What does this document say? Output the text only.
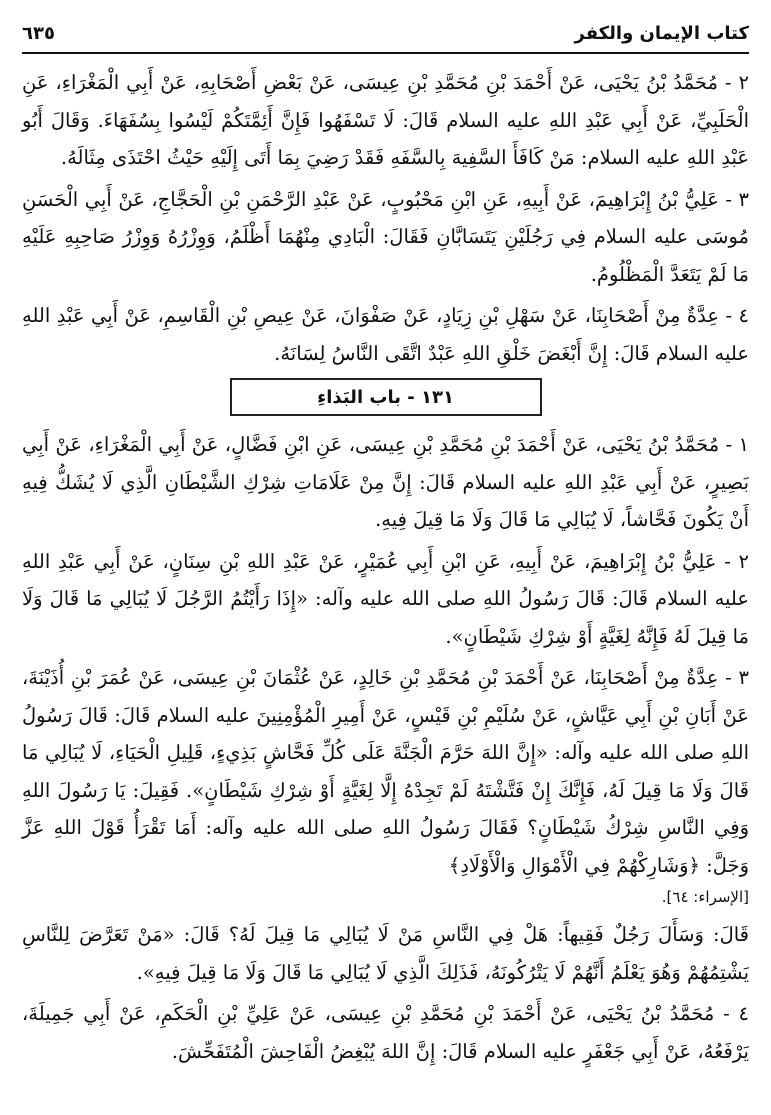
كتاب الإيمان والكفر
٦٣٥

٢ - مُحَمَّدُ بْنُ يَحْيَى، عَنْ أَحْمَدَ بْنِ مُحَمَّدِ بْنِ عِيسَى، عَنْ بَعْضِ أَصْحَابِهِ، عَنْ أَبِي الْمَغْرَاءِ، عَنِ الْحَلَبِيِّ، عَنْ أَبِي عَبْدِ اللهِ عليه السلام قَالَ: لَا تَسْفَهُوا فَإِنَّ أَئِمَّتَكُمْ لَيْسُوا بِسُفَهَاءَ. وَقَالَ أَبُو عَبْدِ اللهِ عليه السلام: مَنْ كَافَأَ السَّفِيهَ بِالسَّفَهِ فَقَدْ رَضِيَ بِمَا أَتَى إِلَيْهِ حَيْثُ احْتَذَى مِثَالَهُ.

٣ - عَلِيُّ بْنُ إِبْرَاهِيمَ، عَنْ أَبِيهِ، عَنِ ابْنِ مَحْبُوبٍ، عَنْ عَبْدِ الرَّحْمَنِ بْنِ الْحَجَّاجِ، عَنْ أَبِي الْحَسَنِ مُوسَى عليه السلام فِي رَجُلَيْنِ يَتَسَابَّانِ فَقَالَ: الْبَادِي مِنْهُمَا أَظْلَمُ، وَوِزْرُهُ وَوِزْرُ صَاحِبِهِ عَلَيْهِ مَا لَمْ يَتَعَدَّ الْمَظْلُومُ.

٤ - عِدَّةٌ مِنْ أَصْحَابِنَا، عَنْ سَهْلِ بْنِ زِيَادٍ، عَنْ صَفْوَانَ، عَنْ عِيصِ بْنِ الْقَاسِمِ، عَنْ أَبِي عَبْدِ اللهِ عليه السلام قَالَ: إِنَّ أَبْغَضَ خَلْقِ اللهِ عَبْدٌ اتَّقَى النَّاسُ لِسَانَهُ.

١٣١ - باب البَذاءِ

١ - مُحَمَّدُ بْنُ يَحْيَى، عَنْ أَحْمَدَ بْنِ مُحَمَّدِ بْنِ عِيسَى، عَنِ ابْنِ فَضَّالٍ، عَنْ أَبِي الْمَغْرَاءِ، عَنْ أَبِي بَصِيرٍ، عَنْ أَبِي عَبْدِ اللهِ عليه السلام قَالَ: إِنَّ مِنْ عَلَامَاتِ شِرْكِ الشَّيْطَانِ الَّذِي لَا يُشَكُّ فِيهِ أَنْ يَكُونَ فَحَّاشاً، لَا يُبَالِي مَا قَالَ وَلَا مَا قِيلَ فِيهِ.

٢ - عَلِيُّ بْنُ إِبْرَاهِيمَ، عَنْ أَبِيهِ، عَنِ ابْنِ أَبِي عُمَيْرٍ، عَنْ عَبْدِ اللهِ بْنِ سِنَانٍ، عَنْ أَبِي عَبْدِ اللهِ عليه السلام قَالَ: قَالَ رَسُولُ اللهِ صلى الله عليه وآله: «إِذَا رَأَيْتُمُ الرَّجُلَ لَا يُبَالِي مَا قَالَ وَلَا مَا قِيلَ لَهُ فَإِنَّهُ لِغَيَّةٍ أَوْ شِرْكِ شَيْطَانٍ».

٣ - عِدَّةٌ مِنْ أَصْحَابِنَا، عَنْ أَحْمَدَ بْنِ مُحَمَّدِ بْنِ خَالِدٍ، عَنْ عُثْمَانَ بْنِ عِيسَى، عَنْ عُمَرَ بْنِ أُذَيْنَةَ، عَنْ أَبَانِ بْنِ أَبِي عَيَّاشٍ، عَنْ سُلَيْمِ بْنِ قَيْسٍ، عَنْ أَمِيرِ الْمُؤْمِنِينَ عليه السلام قَالَ: قَالَ رَسُولُ اللهِ صلى الله عليه وآله: «إِنَّ اللهَ حَرَّمَ الْجَنَّةَ عَلَى كُلِّ فَحَّاشٍ بَذِيءٍ، قَلِيلِ الْحَيَاءِ، لَا يُبَالِي مَا قَالَ وَلَا مَا قِيلَ لَهُ، فَإِنَّكَ إِنْ فَتَّشْتَهُ لَمْ تَجِدْهُ إِلَّا لِغَيَّةٍ أَوْ شِرْكِ شَيْطَانٍ». فَقِيلَ: يَا رَسُولَ اللهِ وَفِي النَّاسِ شِرْكُ شَيْطَانٍ؟ فَقَالَ رَسُولُ اللهِ صلى الله عليه وآله: أَمَا تَقْرَأُ قَوْلَ اللهِ عَزَّ وَجَلَّ: ﴿وَشَارِكْهُمْ فِي الْأَمْوَالِ وَالْأَوْلَادِ﴾

[الإسراء: ٦٤].

قَالَ: وَسَأَلَ رَجُلٌ فَقِيهاً: هَلْ فِي النَّاسِ مَنْ لَا يُبَالِي مَا قِيلَ لَهُ؟ قَالَ: «مَنْ تَعَرَّضَ لِلنَّاسِ يَشْتِمُهُمْ وَهُوَ يَعْلَمُ أَنَّهُمْ لَا يَتْرُكُونَهُ، فَذَلِكَ الَّذِي لَا يُبَالِي مَا قَالَ وَلَا مَا قِيلَ فِيهِ».

٤ - مُحَمَّدُ بْنُ يَحْيَى، عَنْ أَحْمَدَ بْنِ مُحَمَّدِ بْنِ عِيسَى، عَنْ عَلِيِّ بْنِ الْحَكَمِ، عَنْ أَبِي جَمِيلَةَ، يَرْفَعُهُ، عَنْ أَبِي جَعْفَرٍ عليه السلام قَالَ: إِنَّ اللهَ يُبْغِضُ الْفَاحِشَ الْمُتَفَحِّشَ.
